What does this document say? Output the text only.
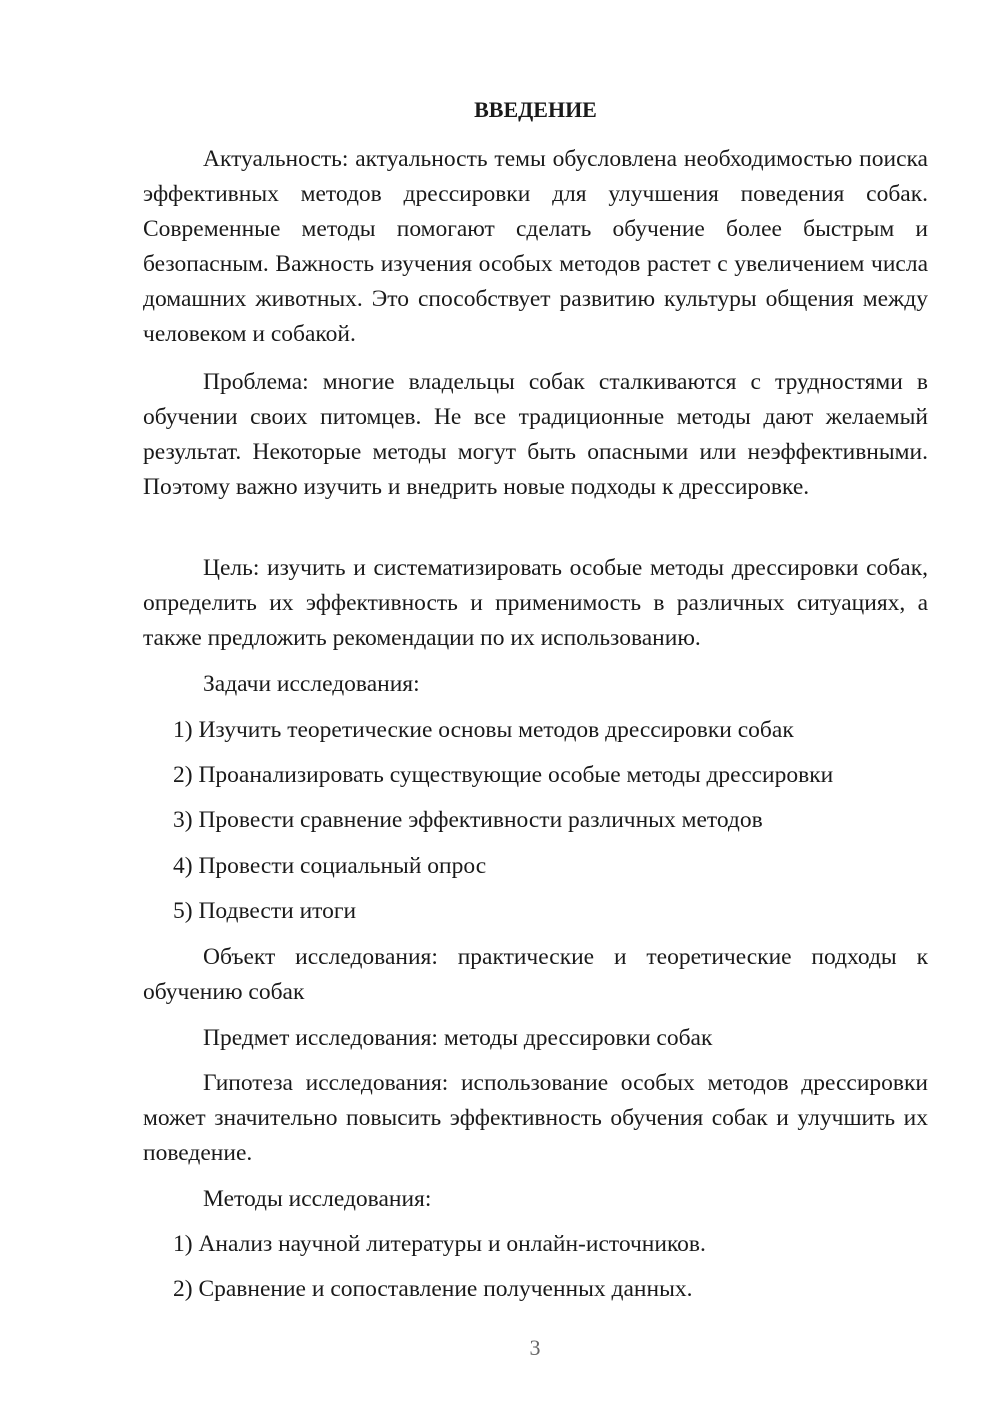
ВВЕДЕНИЕ
Актуальность: актуальность темы обусловлена необходимостью поиска эффективных методов дрессировки для улучшения поведения собак. Современные методы помогают сделать обучение более быстрым и безопасным. Важность изучения особых методов растет с увеличением числа домашних животных. Это способствует развитию культуры общения между человеком и собакой.
Проблема: многие владельцы собак сталкиваются с трудностями в обучении своих питомцев. Не все традиционные методы дают желаемый результат. Некоторые методы могут быть опасными или неэффективными. Поэтому важно изучить и внедрить новые подходы к дрессировке.
Цель: изучить и систематизировать особые методы дрессировки собак, определить их эффективность и применимость в различных ситуациях, а также предложить рекомендации по их использованию.
Задачи исследования:
1) Изучить теоретические основы методов дрессировки собак
2) Проанализировать существующие особые методы дрессировки
3) Провести сравнение эффективности различных методов
4) Провести социальный опрос
5) Подвести итоги
Объект исследования: практические и теоретические подходы к обучению собак
Предмет исследования: методы дрессировки собак
Гипотеза исследования: использование особых методов дрессировки может значительно повысить эффективность обучения собак и улучшить их поведение.
Методы исследования:
1) Анализ научной литературы и онлайн-источников.
2) Сравнение и сопоставление полученных данных.
3
